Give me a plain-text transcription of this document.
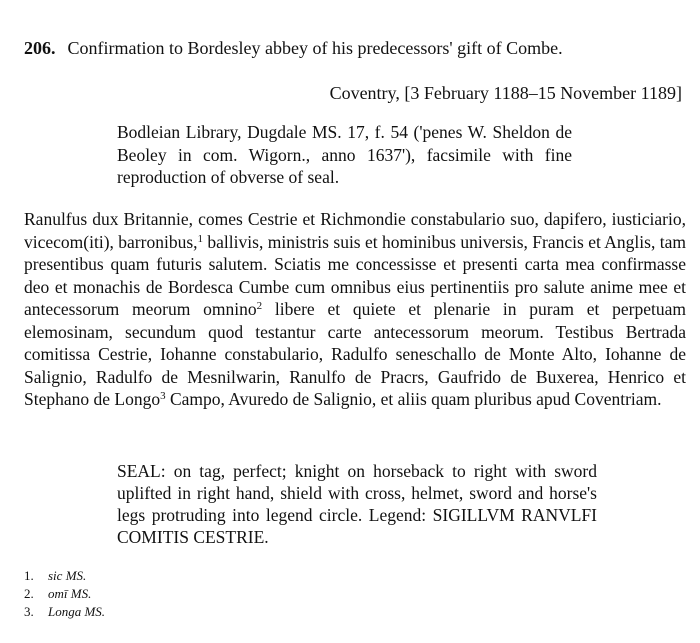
206. Confirmation to Bordesley abbey of his predecessors' gift of Combe.
Coventry, [3 February 1188–15 November 1189]
Bodleian Library, Dugdale MS. 17, f. 54 ('penes W. Sheldon de Beoley in com. Wigorn., anno 1637'), facsimile with fine reproduction of obverse of seal.
Ranulfus dux Britannie, comes Cestrie et Richmondie constabulario suo, dapifero, iusticiario, vicecom(iti), barronibus,$^1$ ballivis, ministris suis et hominibus universis, Francis et Anglis, tam presentibus quam futuris salutem. Sciatis me concessisse et presenti carta mea confirmasse deo et monachis de Bordesca Cumbe cum omnibus eius pertinentiis pro salute anime mee et antecessorum meorum omnino$^2$ libere et quiete et plenarie in puram et perpetuam elemosinam, secundum quod testantur carte antecessorum meorum. Testibus Bertrada comitissa Cestrie, Iohanne constabulario, Radulfo seneschallo de Monte Alto, Iohanne de Salignio, Radulfo de Mesnilwarin, Ranulfo de Pracrs, Gaufrido de Buxerea, Henrico et Stephano de Longo$^3$ Campo, Avuredo de Salignio, et aliis quam pluribus apud Coventriam.
SEAL: on tag, perfect; knight on horseback to right with sword uplifted in right hand, shield with cross, helmet, sword and horse's legs protruding into legend circle. Legend: SIGILLVM RANVLFI COMITIS CESTRIE.
1. sic MS.
2. omī MS.
3. Longa MS.
